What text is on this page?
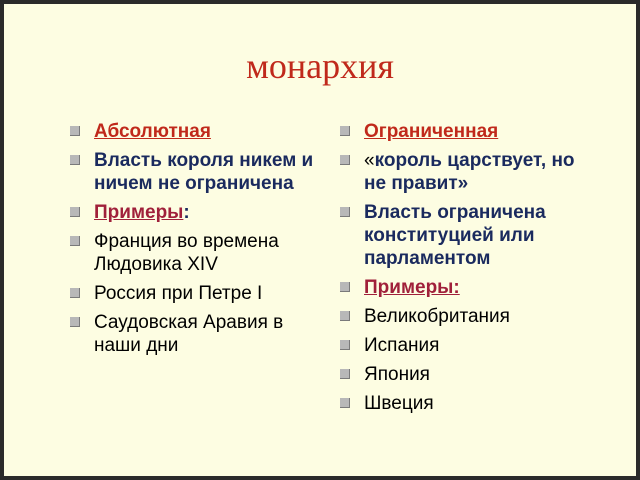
монархия
Абсолютная
Власть короля никем и ничем не ограничена
Примеры:
Франция во времена Людовика XIV
Россия при Петре I
Саудовская Аравия в наши дни
Ограниченная
«король царствует, но не правит»
Власть ограничена конституцией или парламентом
Примеры:
Великобритания
Испания
Япония
Швеция
